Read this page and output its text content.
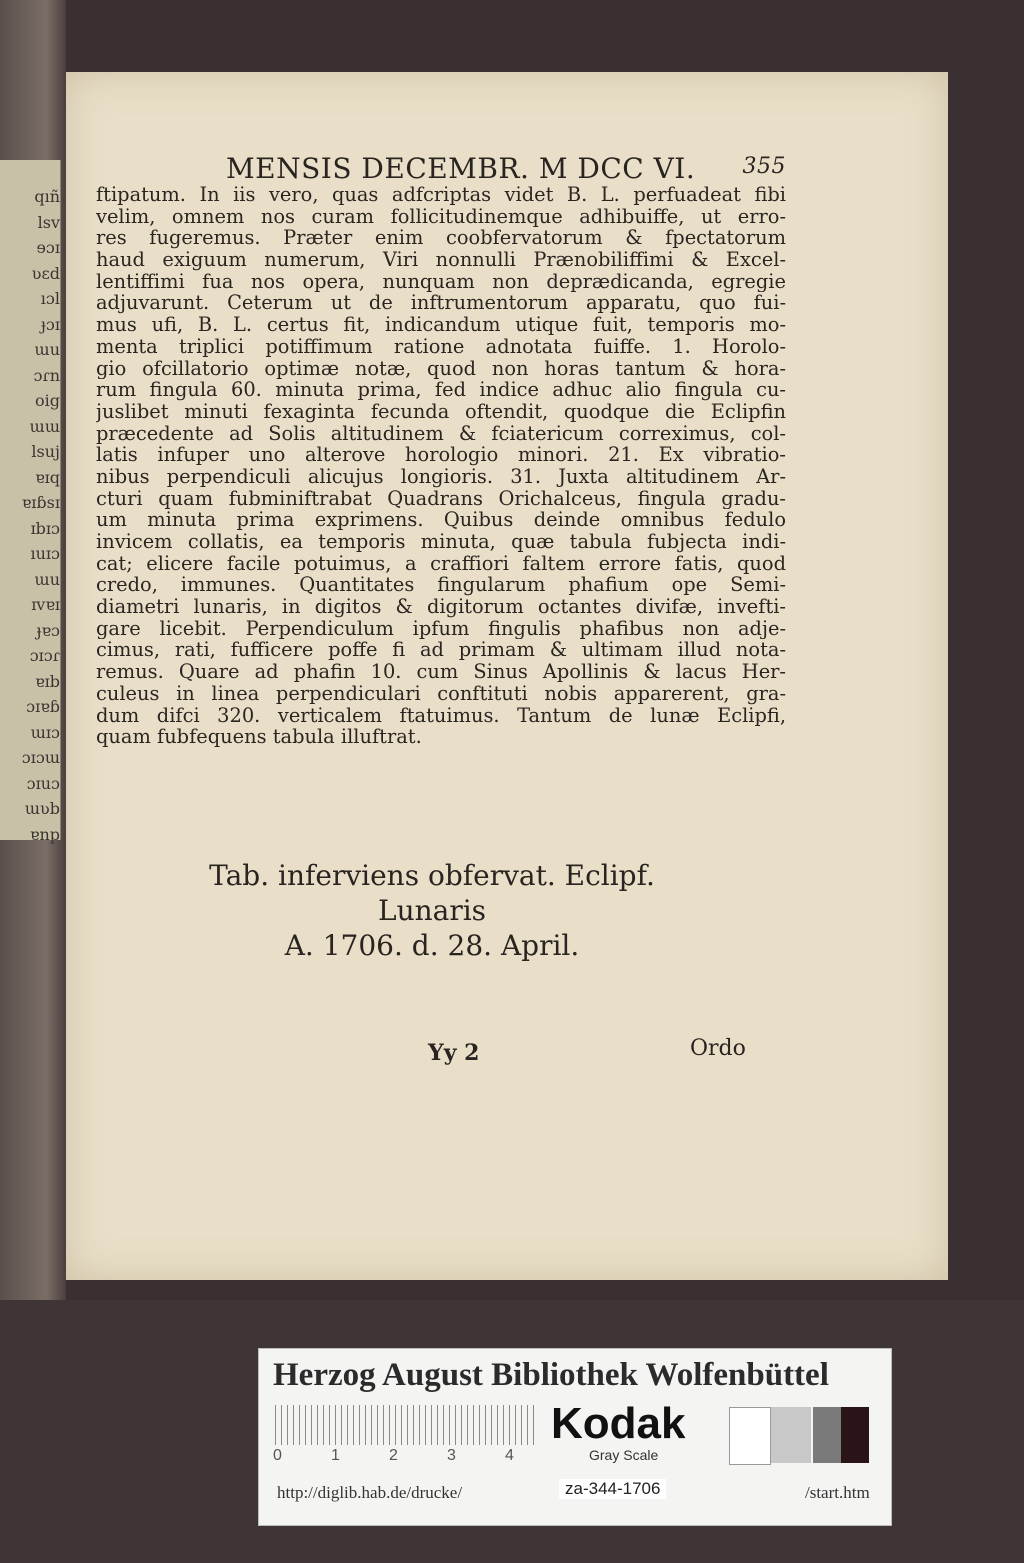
qıñ
lsv
ɘɔɪ
ʋɛd
ıɔl
ɟɔɪ
ɯu
ɔɾn
oig
ɯɯ
lsuj
ɐɪq
ɐɪɓsɪ
ɪbɪɔ
ıuɪɔ
ɯu
ɪvɐɪ
ɟɐɔ
ɔɪɔɾ
ɐɪb
ɔɪɐɓ
ɯɪɔ
ɔɪɔɯ
ɔɪuɔ
ɯʋb
ɐnp
MENSIS DECEMBR. M DCC VI. 355
ftipatum. In iis vero, quas adfcriptas videt B. L. perfuadeat fibi
velim, omnem nos curam follicitudinemque adhibuiffe, ut erro-
res fugeremus. Præter enim coobfervatorum & fpectatorum
haud exiguum numerum, Viri nonnulli Prænobiliffimi & Excel-
lentiffimi fua nos opera, nunquam non deprædicanda, egregie
adjuvarunt. Ceterum ut de inftrumentorum apparatu, quo fui-
mus ufi, B. L. certus fit, indicandum utique fuit, temporis mo-
menta triplici potiffimum ratione adnotata fuiffe. 1. Horolo-
gio ofcillatorio optimæ notæ, quod non horas tantum & hora-
rum fingula 60. minuta prima, fed indice adhuc alio fingula cu-
juslibet minuti fexaginta fecunda oftendit, quodque die Eclipfin
præcedente ad Solis altitudinem & fciatericum correximus, col-
latis infuper uno alterove horologio minori. 21. Ex vibratio-
nibus perpendiculi alicujus longioris. 31. Juxta altitudinem Ar-
cturi quam fubminiftrabat Quadrans Orichalceus, fingula gradu-
um minuta prima exprimens. Quibus deinde omnibus fedulo
invicem collatis, ea temporis minuta, quæ tabula fubjecta indi-
cat; elicere facile potuimus, a craffiori faltem errore fatis, quod
credo, immunes. Quantitates fingularum phafium ope Semi-
diametri lunaris, in digitos & digitorum octantes divifæ, invefti-
gare licebit. Perpendiculum ipfum fingulis phafibus non adje-
cimus, rati, fufficere poffe fi ad primam & ultimam illud nota-
remus. Quare ad phafin 10. cum Sinus Apollinis & lacus Her-
culeus in linea perpendiculari conftituti nobis apparerent, gra-
dum difci 320. verticalem ftatuimus. Tantum de lunæ Eclipfi,
quam fubfequens tabula illuftrat.
Tab. inferviens obfervat. Eclipf. Lunaris
A. 1706. d. 28. April.
Yy 2	Ordo
Herzog August Bibliothek Wolfenbüttel
0	1	2	3	4
Kodak
Gray Scale
http://diglib.hab.de/drucke/	za-344-1706	/start.htm
